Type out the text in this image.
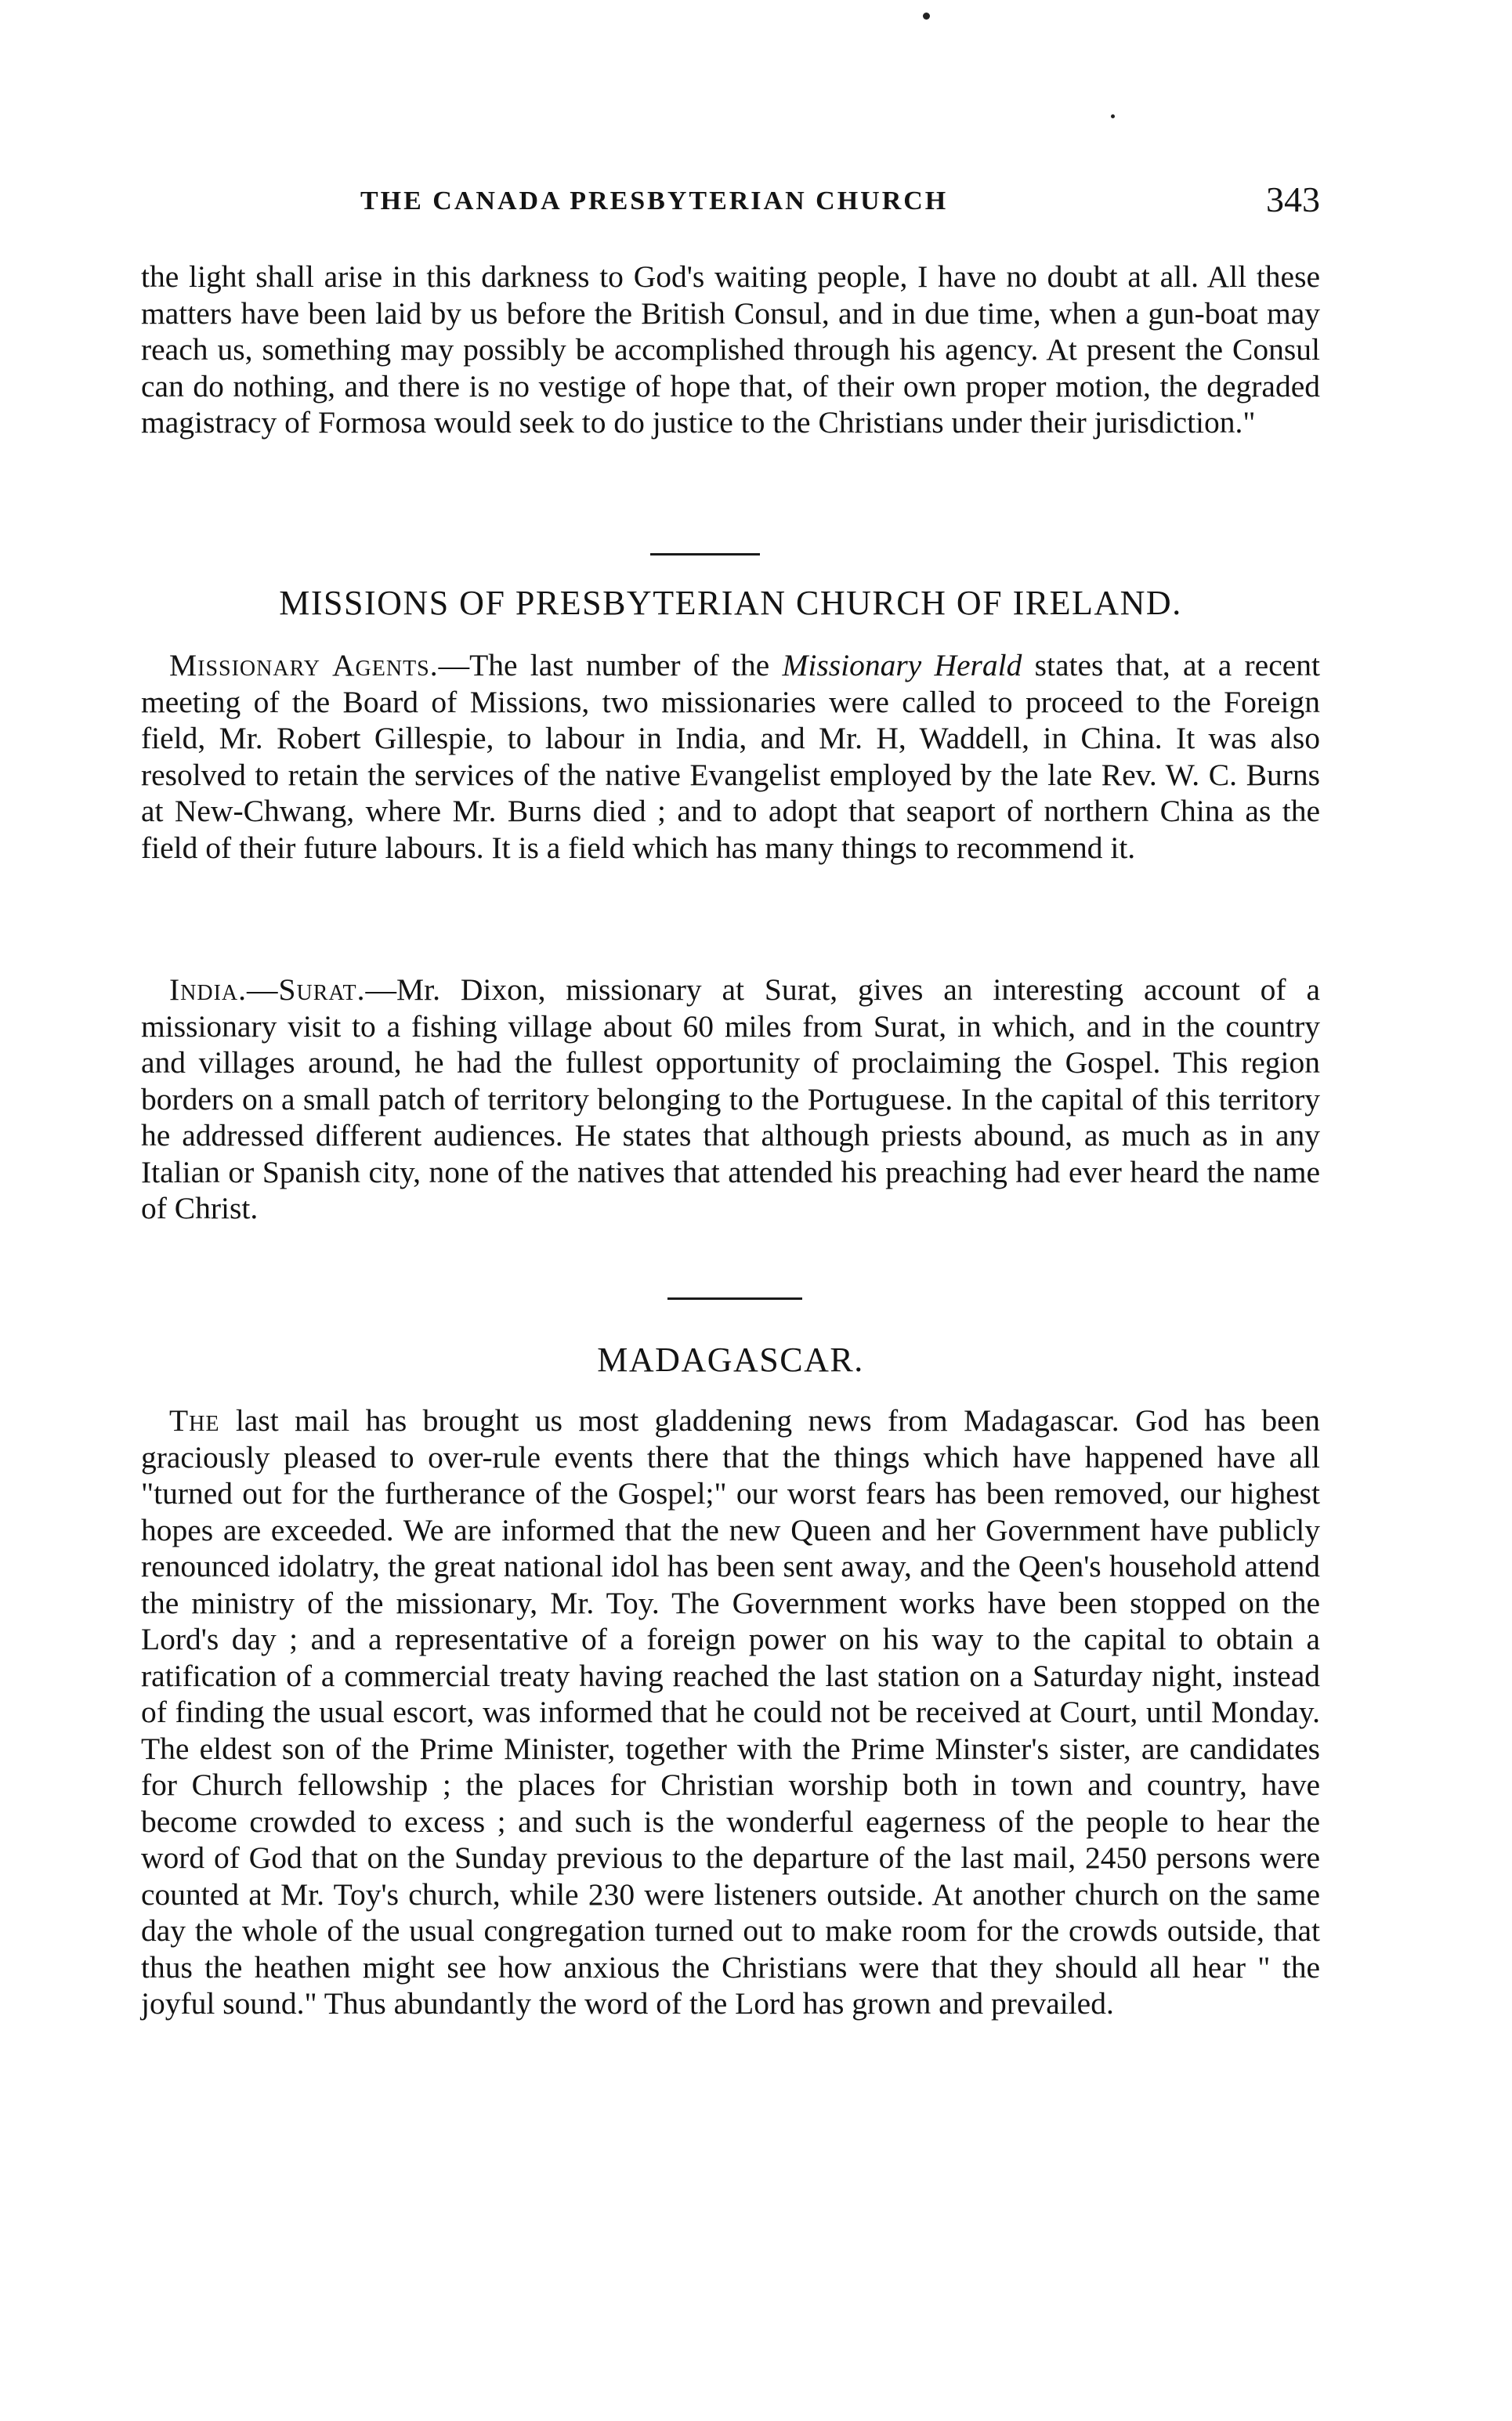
THE CANADA PRESBYTERIAN CHURCH	343

the light shall arise in this darkness to God's waiting people, I have no doubt at all. All these matters have been laid by us before the British Consul, and in due time, when a gun-boat may reach us, something may possibly be accomplished through his agency. At present the Consul can do nothing, and there is no vestige of hope that, of their own proper motion, the degraded magistracy of Formosa would seek to do justice to the Christians under their jurisdiction."

MISSIONS OF PRESBYTERIAN CHURCH OF IRELAND.

Missionary Agents.—The last number of the Missionary Herald states that, at a recent meeting of the Board of Missions, two missionaries were called to proceed to the Foreign field, Mr. Robert Gillespie, to labour in India, and Mr. H, Waddell, in China. It was also resolved to retain the services of the native Evangelist employed by the late Rev. W. C. Burns at New-Chwang, where Mr. Burns died ; and to adopt that seaport of northern China as the field of their future labours. It is a field which has many things to recommend it.

India.—Surat.—Mr. Dixon, missionary at Surat, gives an interesting account of a missionary visit to a fishing village about 60 miles from Surat, in which, and in the country and villages around, he had the fullest opportunity of proclaiming the Gospel. This region borders on a small patch of territory belonging to the Portuguese. In the capital of this territory he addressed different audiences. He states that although priests abound, as much as in any Italian or Spanish city, none of the natives that attended his preaching had ever heard the name of Christ.

MADAGASCAR.

The last mail has brought us most gladdening news from Madagascar. God has been graciously pleased to over-rule events there that the things which have happened have all "turned out for the furtherance of the Gospel;" our worst fears has been removed, our highest hopes are exceeded. We are informed that the new Queen and her Government have publicly renounced idolatry, the great national idol has been sent away, and the Qeen's household attend the ministry of the missionary, Mr. Toy. The Government works have been stopped on the Lord's day ; and a representative of a foreign power on his way to the capital to obtain a ratification of a commercial treaty having reached the last station on a Saturday night, instead of finding the usual escort, was informed that he could not be received at Court, until Monday. The eldest son of the Prime Minister, together with the Prime Minster's sister, are candidates for Church fellowship ; the places for Christian worship both in town and country, have become crowded to excess ; and such is the wonderful eagerness of the people to hear the word of God that on the Sunday previous to the departure of the last mail, 2450 persons were counted at Mr. Toy's church, while 230 were listeners outside. At another church on the same day the whole of the usual congregation turned out to make room for the crowds outside, that thus the heathen might see how anxious the Christians were that they should all hear " the joyful sound." Thus abundantly the word of the Lord has grown and prevailed.
